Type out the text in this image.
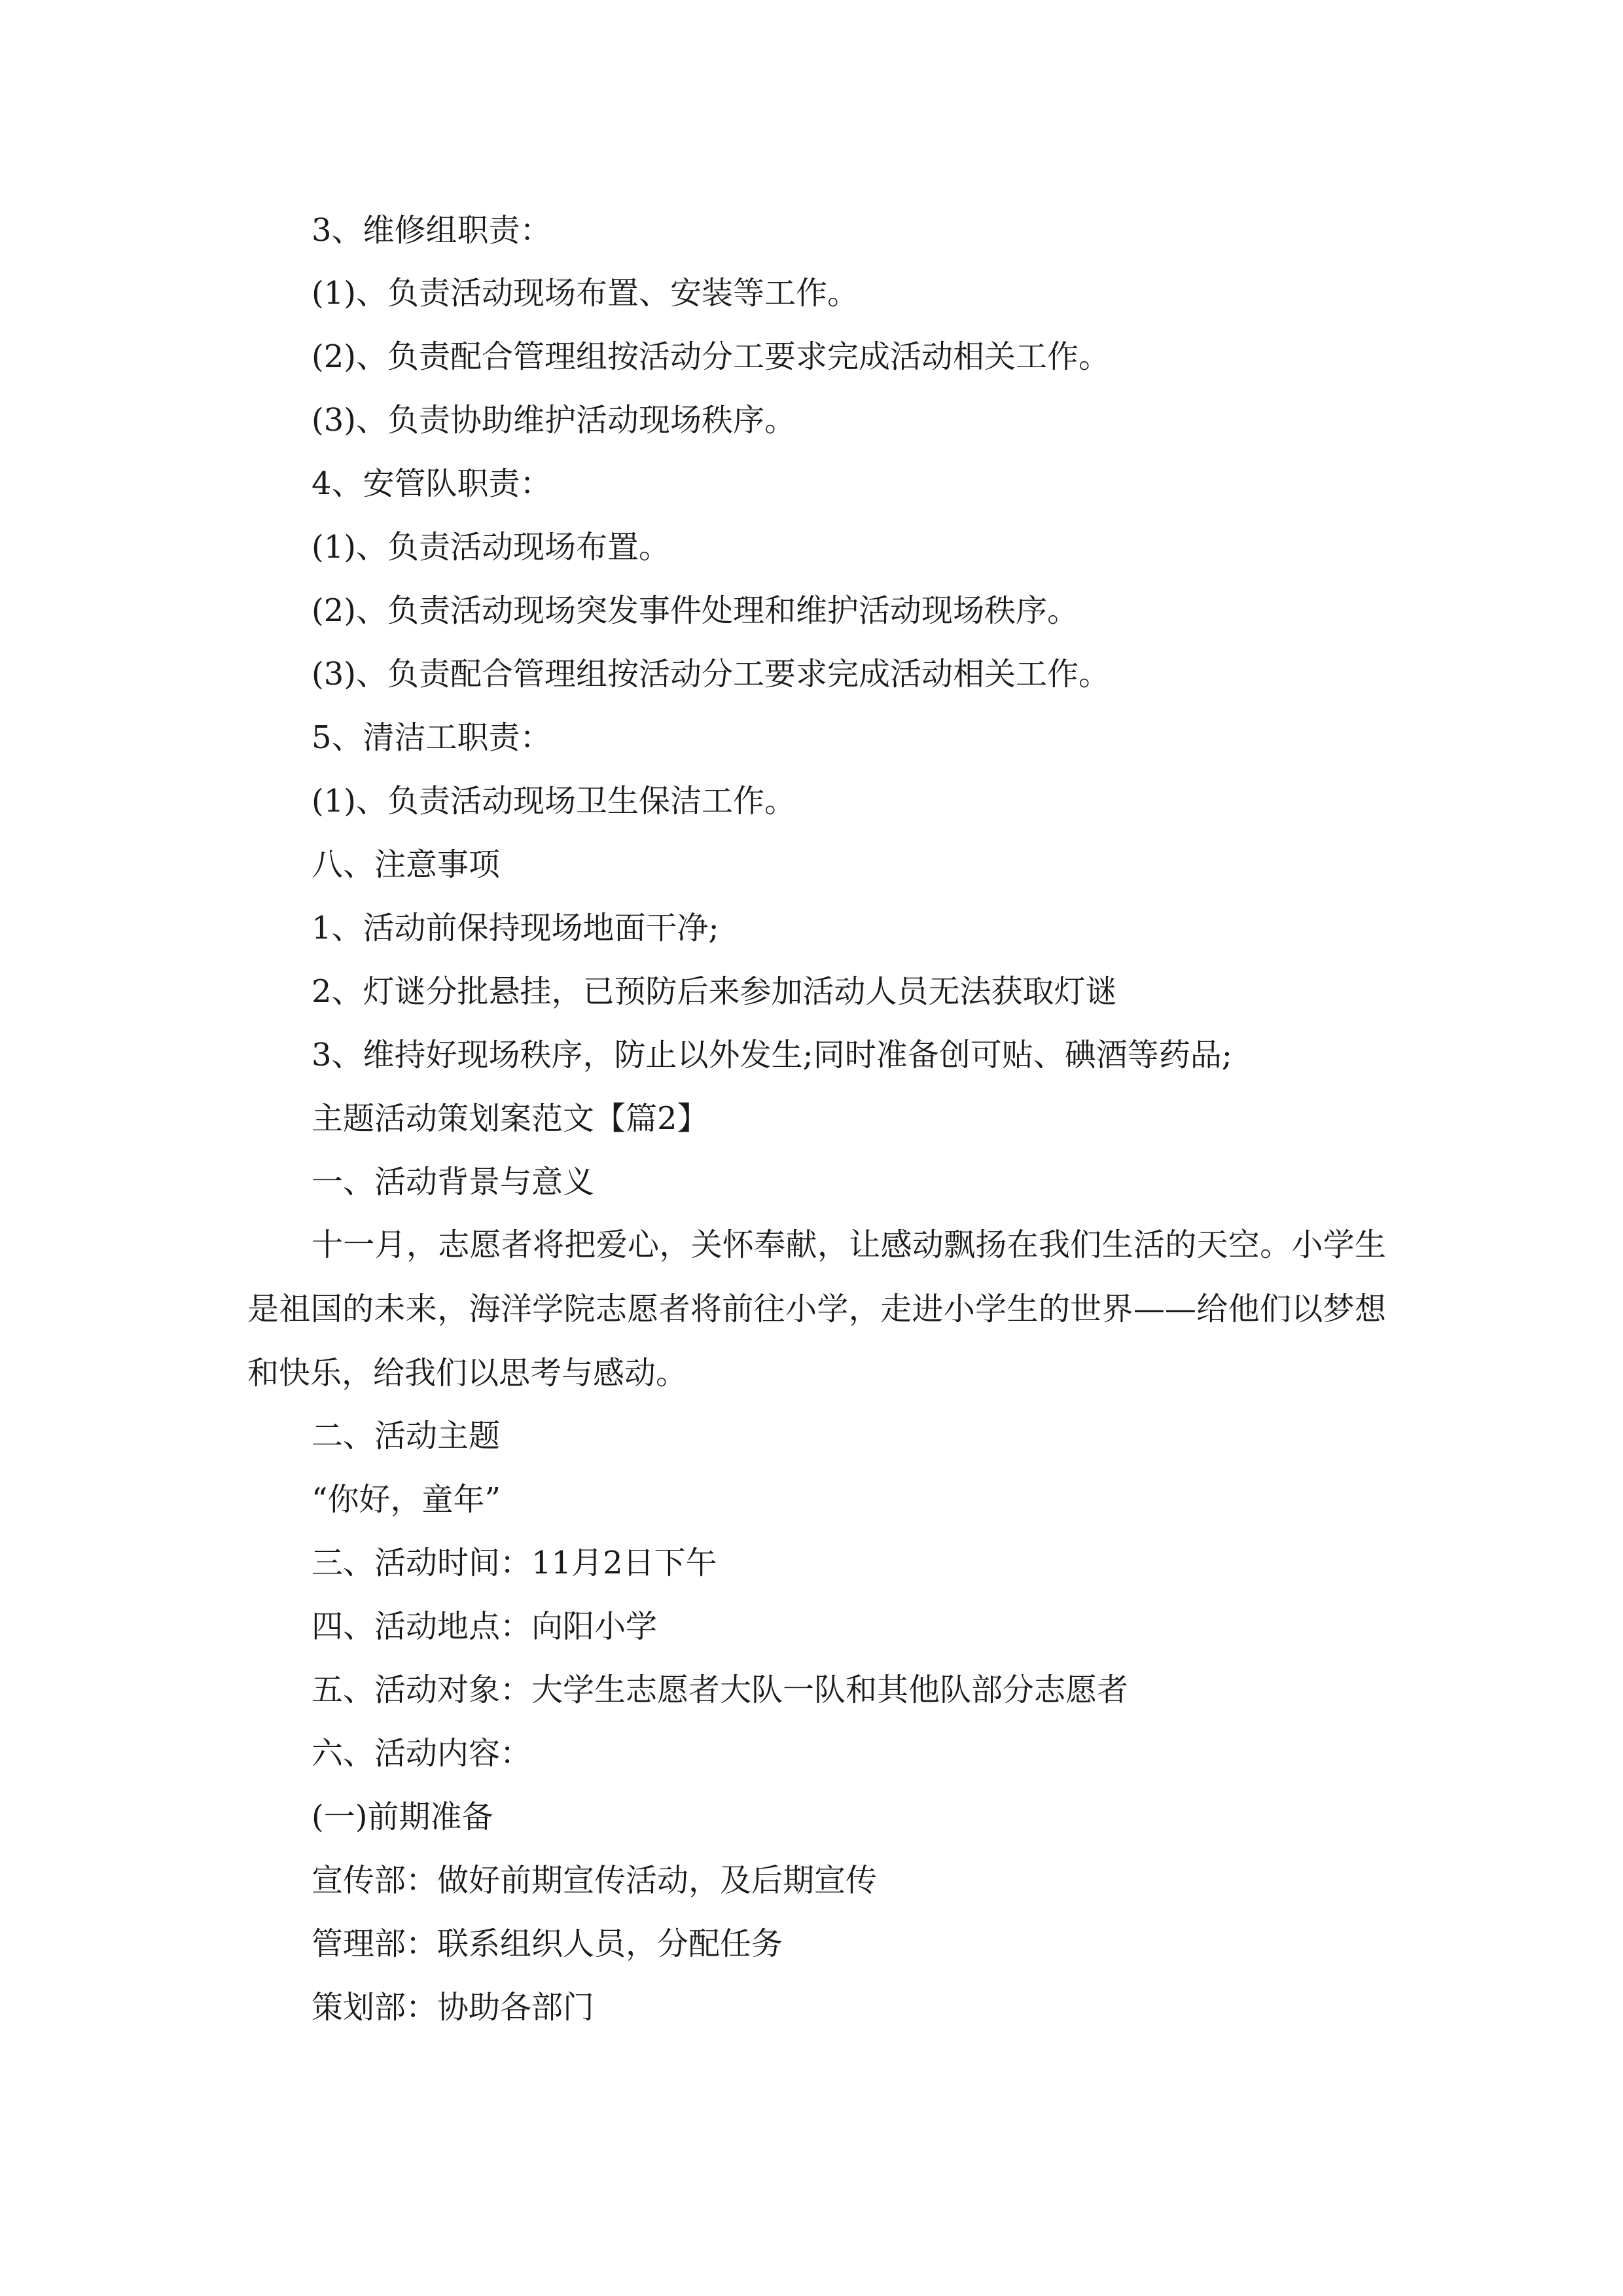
3、维修组职责：
(1)、负责活动现场布置、安装等工作。
(2)、负责配合管理组按活动分工要求完成活动相关工作。
(3)、负责协助维护活动现场秩序。
4、安管队职责：
(1)、负责活动现场布置。
(2)、负责活动现场突发事件处理和维护活动现场秩序。
(3)、负责配合管理组按活动分工要求完成活动相关工作。
5、清洁工职责：
(1)、负责活动现场卫生保洁工作。
八、注意事项
1、活动前保持现场地面干净;
2、灯谜分批悬挂，已预防后来参加活动人员无法获取灯谜
3、维持好现场秩序，防止以外发生;同时准备创可贴、碘酒等药品;
主题活动策划案范文【篇2】
一、活动背景与意义
十一月，志愿者将把爱心，关怀奉献，让感动飘扬在我们生活的天空。小学生是祖国的未来，海洋学院志愿者将前往小学，走进小学生的世界——给他们以梦想和快乐，给我们以思考与感动。
二、活动主题
“你好，童年”
三、活动时间：11月2日下午
四、活动地点：向阳小学
五、活动对象：大学生志愿者大队一队和其他队部分志愿者
六、活动内容：
(一)前期准备
宣传部：做好前期宣传活动，及后期宣传
管理部：联系组织人员，分配任务
策划部：协助各部门
